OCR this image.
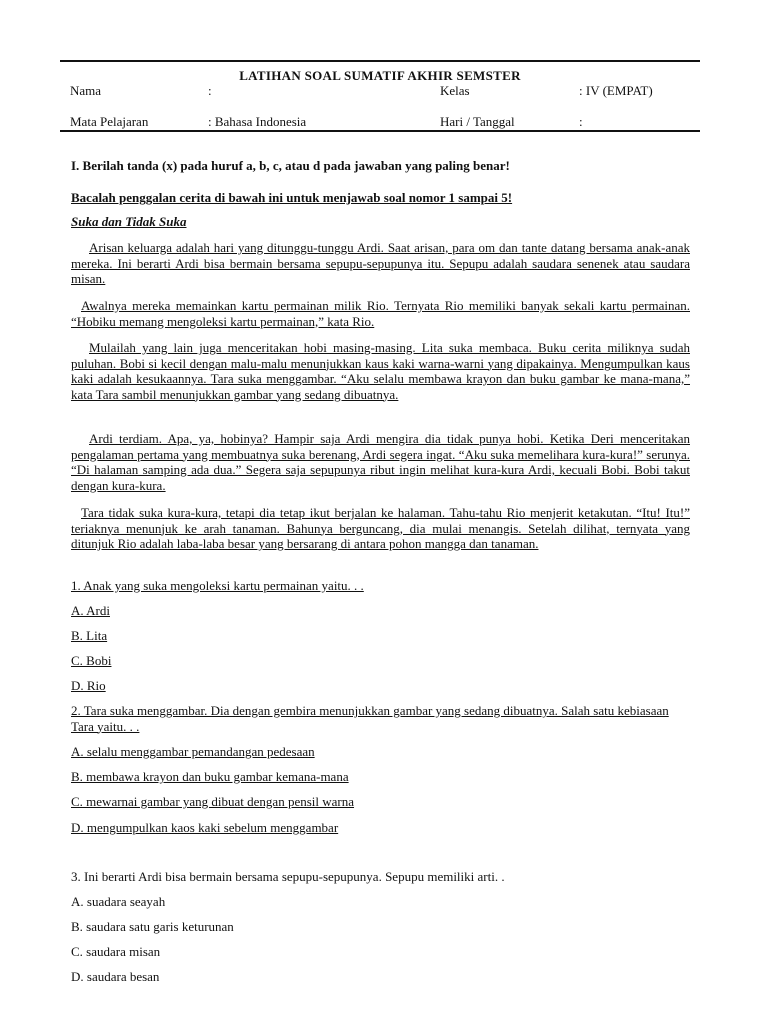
LATIHAN SOAL SUMATIF AKHIR SEMSTER
Nama	:	Kelas	: IV (EMPAT)
Mata Pelajaran	: Bahasa Indonesia	Hari / Tanggal	:
I. Berilah tanda (x) pada huruf a, b, c, atau d pada jawaban yang paling benar!
Bacalah penggalan cerita di bawah ini untuk menjawab soal nomor 1 sampai 5!
Suka dan Tidak Suka
Arisan keluarga adalah hari yang ditunggu-tunggu Ardi. Saat arisan, para om dan tante datang bersama anak-anak mereka. Ini berarti Ardi bisa bermain bersama sepupu-sepupunya itu. Sepupu adalah saudara senenek atau saudara misan.
Awalnya mereka memainkan kartu permainan milik Rio. Ternyata Rio memiliki banyak sekali kartu permainan. “Hobiku memang mengoleksi kartu permainan,” kata Rio.
Mulailah yang lain juga menceritakan hobi masing-masing. Lita suka membaca. Buku cerita miliknya sudah puluhan. Bobi si kecil dengan malu-malu menunjukkan kaus kaki warna-warni yang dipakainya. Mengumpulkan kaus kaki adalah kesukaannya. Tara suka menggambar. “Aku selalu membawa krayon dan buku gambar ke mana-mana,” kata Tara sambil menunjukkan gambar yang sedang dibuatnya.
Ardi terdiam. Apa, ya, hobinya? Hampir saja Ardi mengira dia tidak punya hobi. Ketika Deri menceritakan pengalaman pertama yang membuatnya suka berenang, Ardi segera ingat. “Aku suka memelihara kura-kura!” serunya. “Di halaman samping ada dua.” Segera saja sepupunya ribut ingin melihat kura-kura Ardi, kecuali Bobi. Bobi takut dengan kura-kura.
Tara tidak suka kura-kura, tetapi dia tetap ikut berjalan ke halaman. Tahu-tahu Rio menjerit ketakutan. “Itu! Itu!” teriaknya menunjuk ke arah tanaman. Bahunya berguncang, dia mulai menangis. Setelah dilihat, ternyata yang ditunjuk Rio adalah laba-laba besar yang bersarang di antara pohon mangga dan tanaman.
1. Anak yang suka mengoleksi kartu permainan yaitu. . .
A. Ardi
B. Lita
C. Bobi
D. Rio
2. Tara suka menggambar. Dia dengan gembira menunjukkan gambar yang sedang dibuatnya. Salah satu kebiasaan Tara yaitu. . .
A. selalu menggambar pemandangan pedesaan
B. membawa krayon dan buku gambar kemana-mana
C. mewarnai gambar yang dibuat dengan pensil warna
D. mengumpulkan kaos kaki sebelum menggambar
3. Ini berarti Ardi bisa bermain bersama sepupu-sepupunya. Sepupu memiliki arti. .
A. suadara seayah
B. saudara satu garis keturunan
C. saudara misan
D. saudara besan
